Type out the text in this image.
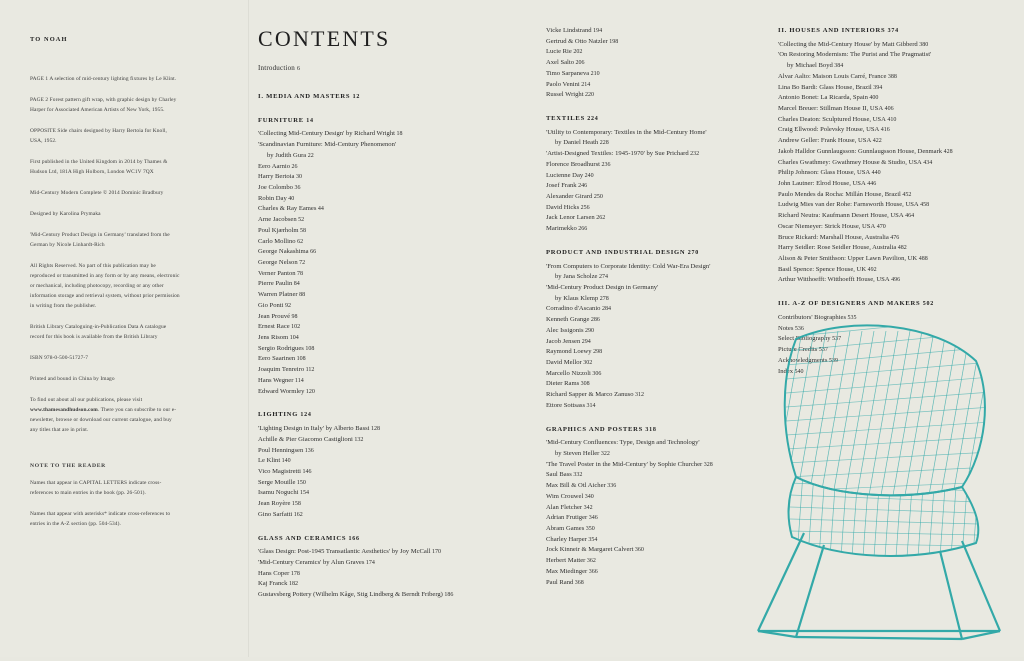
TO NOAH

PAGE 1 A selection of mid-century lighting fixtures by Le Klint.

PAGE 2 Forest pattern gift wrap, with graphic design by Charley Harper for Associated American Artists of New York, 1955.

OPPOSITE Side chairs designed by Harry Bertoia for Knoll, USA, 1952.

First published in the United Kingdom in 2014 by Thames & Hudson Ltd, 181A High Holborn, London WC1V 7QX

Mid-Century Modern Complete © 2014 Dominic Bradbury

Designed by Karolina Prymaka

'Mid-Century Product Design in Germany' translated from the German by Nicole Linhardt-Rich

All Rights Reserved. No part of this publication may be reproduced or transmitted in any form or by any means, electronic or mechanical, including photocopy, recording or any other information storage and retrieval system, without prior permission in writing from the publisher.

British Library Cataloguing-in-Publication Data A catalogue record for this book is available from the British Library

ISBN 978-0-500-51727-7

Printed and bound in China by Imago

To find out about all our publications, please visit www.thamesandhudson.com. There you can subscribe to our e-newsletter, browse or download our current catalogue, and buy any titles that are in print.

NOTE TO THE READER

Names that appear in CAPITAL LETTERS indicate cross-references to main entries in the book (pp. 26-501).

Names that appear with asterisks* indicate cross-references to entries in the A-Z section (pp. 504-534).

CONTENTS
Introduction 6
I. MEDIA AND MASTERS 12
FURNITURE 14
'Collecting Mid-Century Design' by Richard Wright 18
'Scandinavian Furniture: Mid-Century Phenomenon'
by Judith Gura 22
Eero Aarnio 26
Harry Bertoia 30
Joe Colombo 36
Robin Day 40
Charles & Ray Eames 44
Arne Jacobsen 52
Poul Kjærholm 58
Carlo Mollino 62
George Nakashima 66
George Nelson 72
Verner Panton 78
Pierre Paulin 84
Warren Platner 88
Gio Ponti 92
Jean Prouvé 98
Ernest Race 102
Jens Risom 104
Sergio Rodrigues 108
Eero Saarinen 108
Joaquim Tenreiro 112
Hans Wegner 114
Edward Wormley 120
LIGHTING 124
'Lighting Design in Italy' by Alberto Bassi 128
Achille & Pier Giacomo Castiglioni 132
Poul Henningsen 136
Le Klint 140
Vico Magistretti 146
Serge Mouille 150
Isamu Noguchi 154
Jean Royère 158
Gino Sarfatti 162
GLASS AND CERAMICS 166
'Glass Design: Post-1945 Transatlantic Aesthetics' by Joy McCall 170
'Mid-Century Ceramics' by Alun Graves 174
Hans Coper 178
Kaj Franck 182
Gustavsberg Pottery (Wilhelm Kåge, Stig Lindberg & Berndt Friberg) 186
Vicke Lindstrand 194
Gertrud & Otto Natzler 198
Lucie Rie 202
Axel Salto 206
Timo Sarpaneva 210
Paolo Venini 214
Russel Wright 220
TEXTILES 224
'Utility to Contemporary: Textiles in the Mid-Century Home'
by Daniel Heath 228
'Artist-Designed Textiles: 1945-1970' by Sue Prichard 232
Florence Broadhurst 236
Lucienne Day 240
Josef Frank 246
Alexander Girard 250
David Hicks 256
Jack Lenor Larsen 262
Marimekko 266
PRODUCT AND INDUSTRIAL DESIGN 270
'From Computers to Corporate Identity: Cold War-Era Design'
by Jana Scholze 274
'Mid-Century Product Design in Germany'
by Klaus Klemp 278
Corradino d'Ascanio 284
Kenneth Grange 286
Alec Issigonis 290
Jacob Jensen 294
Raymond Loewy 298
David Mellor 302
Marcello Nizzoli 306
Dieter Rams 308
Richard Sapper & Marco Zanuso 312
Ettore Sottsass 314
GRAPHICS AND POSTERS 318
'Mid-Century Confluences: Type, Design and Technology'
by Steven Heller 322
'The Travel Poster in the Mid-Century' by Sophie Churcher 328
Saul Bass 332
Max Bill & Otl Aicher 336
Wim Crouwel 340
Alan Fletcher 342
Adrian Frutiger 346
Abram Games 350
Charley Harper 354
Jock Kinneir & Margaret Calvert 360
Herbert Matter 362
Max Miedinger 366
Paul Rand 368
II. HOUSES AND INTERIORS 374
'Collecting the Mid-Century House' by Matt Gibberd 380
'On Restoring Modernism: The Purist and The Pragmatist'
by Michael Boyd 384
Alvar Aalto: Maison Louis Carré, France 388
Lina Bo Bardi: Glass House, Brazil 394
Antonio Bonet: La Ricarda, Spain 400
Marcel Breuer: Stillman House II, USA 406
Charles Deaton: Sculptured House, USA 410
Craig Ellwood: Polevsky House, USA 416
Andrew Geller: Frank House, USA 422
Jakob Halldor Gunnlaugsson: Gunnlaugsson House, Denmark 428
Charles Gwathmey: Gwathmey House & Studio, USA 434
Philip Johnson: Glass House, USA 440
John Lautner: Elrod House, USA 446
Paulo Mendes da Rocha: Millán House, Brazil 452
Ludwig Mies van der Rohe: Farnsworth House, USA 458
Richard Neutra: Kaufmann Desert House, USA 464
Oscar Niemeyer: Strick House, USA 470
Bruce Rickard: Marshall House, Australia 476
Harry Seidler: Rose Seidler House, Australia 482
Alison & Peter Smithson: Upper Lawn Pavilion, UK 488
Basil Spence: Spence House, UK 492
Arthur Witthoefft: Witthoefft House, USA 496
III. A-Z OF DESIGNERS AND MAKERS 502
Contributors' Biographies 535
Notes 536
Select Bibliography 537
Picture Credits 537
Acknowledgments 539
Index 540
